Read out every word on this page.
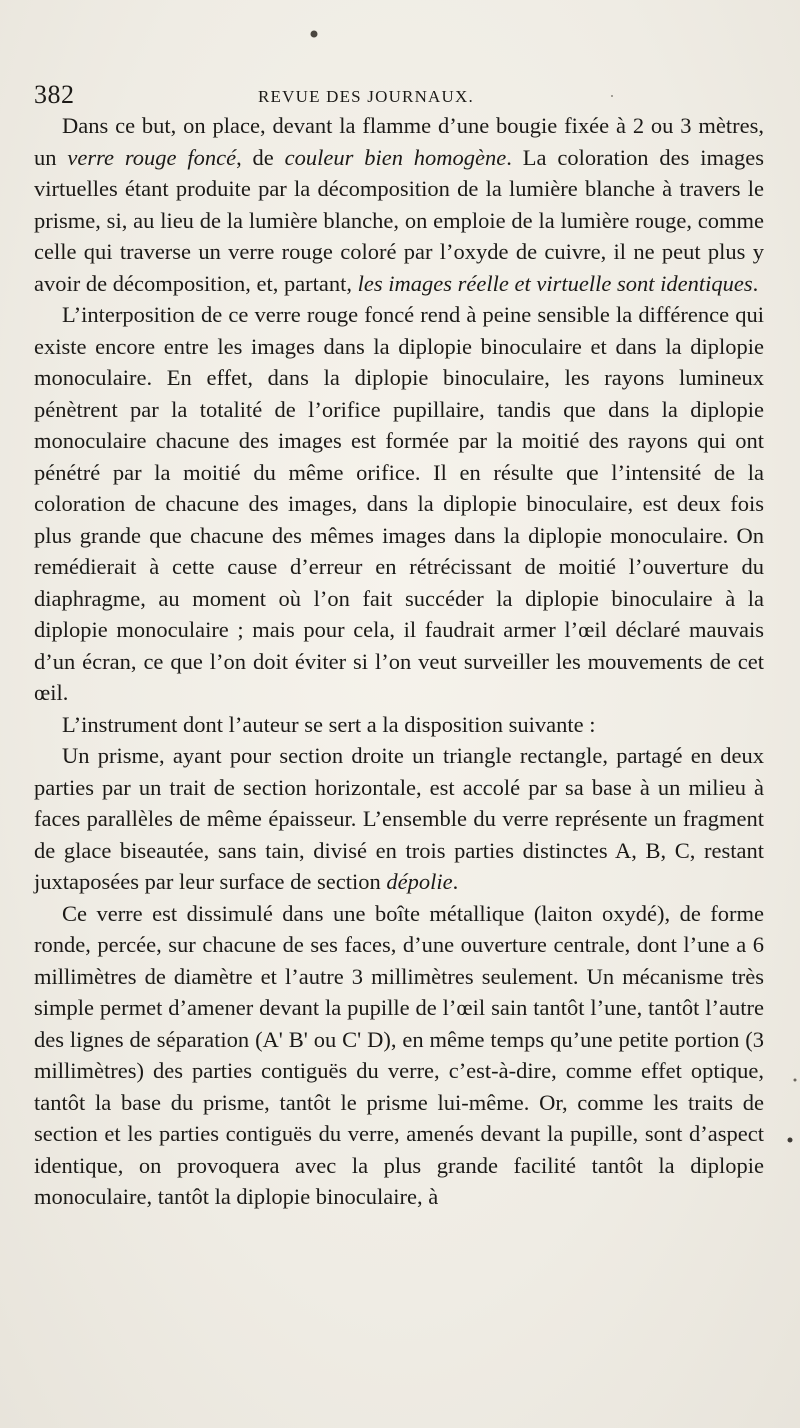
382	REVUE DES JOURNAUX.

Dans ce but, on place, devant la flamme d’une bougie fixée à 2 ou 3 mètres, un verre rouge foncé, de couleur bien homogène. La coloration des images virtuelles étant produite par la décomposition de la lumière blanche à travers le prisme, si, au lieu de la lumière blanche, on emploie de la lumière rouge, comme celle qui traverse un verre rouge coloré par l’oxyde de cuivre, il ne peut plus y avoir de décomposition, et, partant, les images réelle et virtuelle sont identiques.

L’interposition de ce verre rouge foncé rend à peine sensible la différence qui existe encore entre les images dans la diplopie binoculaire et dans la diplopie monoculaire. En effet, dans la diplopie binoculaire, les rayons lumineux pénètrent par la totalité de l’orifice pupillaire, tandis que dans la diplopie monoculaire chacune des images est formée par la moitié des rayons qui ont pénétré par la moitié du même orifice. Il en résulte que l’intensité de la coloration de chacune des images, dans la diplopie binoculaire, est deux fois plus grande que chacune des mêmes images dans la diplopie monoculaire. On remédierait à cette cause d’erreur en rétrécissant de moitié l’ouverture du diaphragme, au moment où l’on fait succéder la diplopie binoculaire à la diplopie monoculaire ; mais pour cela, il faudrait armer l’œil déclaré mauvais d’un écran, ce que l’on doit éviter si l’on veut surveiller les mouvements de cet œil.

L’instrument dont l’auteur se sert a la disposition suivante :

Un prisme, ayant pour section droite un triangle rectangle, partagé en deux parties par un trait de section horizontale, est accolé par sa base à un milieu à faces parallèles de même épaisseur. L’ensemble du verre représente un fragment de glace biseautée, sans tain, divisé en trois parties distinctes A, B, C, restant juxtaposées par leur surface de section dépolie.

Ce verre est dissimulé dans une boîte métallique (laiton oxydé), de forme ronde, percée, sur chacune de ses faces, d’une ouverture centrale, dont l’une a 6 millimètres de diamètre et l’autre 3 millimètres seulement. Un mécanisme très simple permet d’amener devant la pupille de l’œil sain tantôt l’une, tantôt l’autre des lignes de séparation (A' B' ou C' D), en même temps qu’une petite portion (3 millimètres) des parties contiguës du verre, c’est-à-dire, comme effet optique, tantôt la base du prisme, tantôt le prisme lui-même. Or, comme les traits de section et les parties contiguës du verre, amenés devant la pupille, sont d’aspect identique, on provoquera avec la plus grande facilité tantôt la diplopie monoculaire, tantôt la diplopie binoculaire, à
